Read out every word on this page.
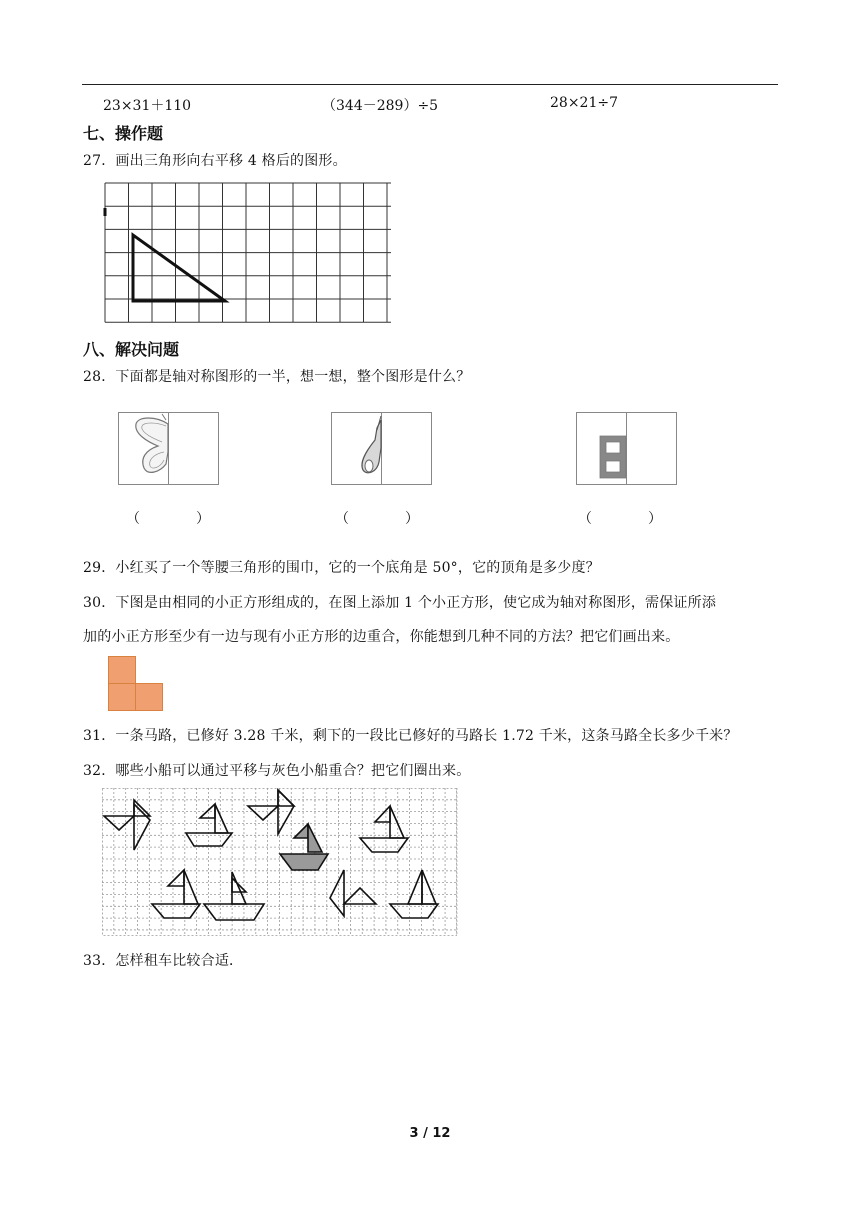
23×31＋110	（344－289）÷5	28×21÷7
七、操作题
27．画出三角形向右平移 4 格后的图形。
八、解决问题
28．下面都是轴对称图形的一半，想一想，整个图形是什么？
（　　　　）	（　　　　）	（　　　　）
29．小红买了一个等腰三角形的围巾，它的一个底角是 50°，它的顶角是多少度？
30．下图是由相同的小正方形组成的，在图上添加 1 个小正方形，使它成为轴对称图形，需保证所添
加的小正方形至少有一边与现有小正方形的边重合，你能想到几种不同的方法？把它们画出来。
31．一条马路，已修好 3.28 千米，剩下的一段比已修好的马路长 1.72 千米，这条马路全长多少千米？
32．哪些小船可以通过平移与灰色小船重合？把它们圈出来。
33．怎样租车比较合适．
3 / 12
